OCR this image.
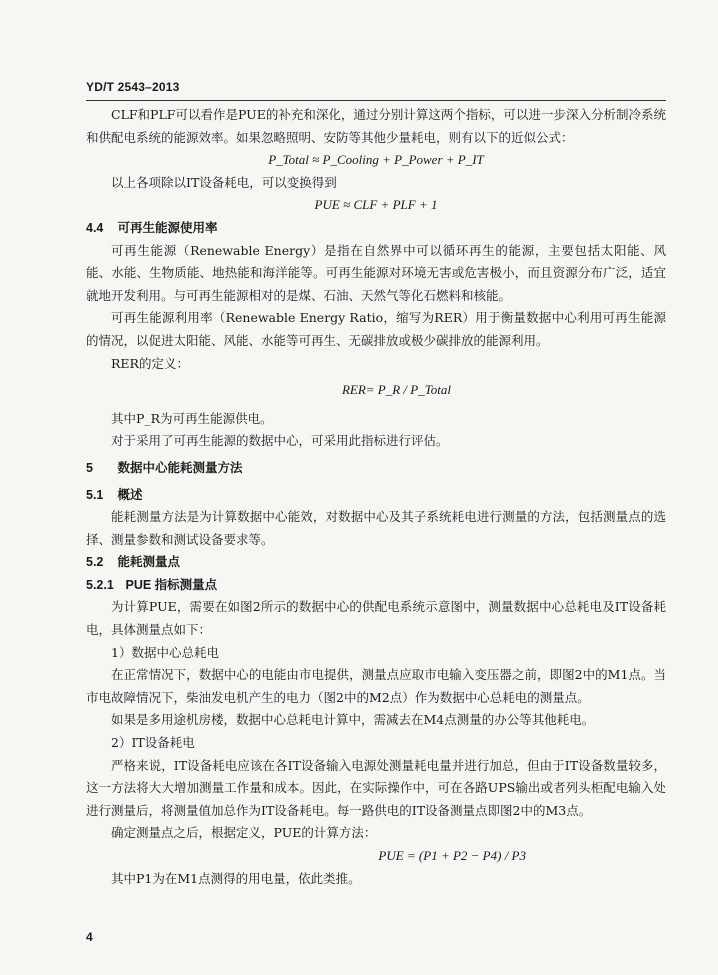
YD/T 2543–2013

CLF和PLF可以看作是PUE的补充和深化，通过分别计算这两个指标，可以进一步深入分析制冷系统和供配电系统的能源效率。如果忽略照明、安防等其他少量耗电，则有以下的近似公式：

P_Total ≈ P_Cooling + P_Power + P_IT

以上各项除以IT设备耗电，可以变换得到

PUE ≈ CLF + PLF + 1

4.4 可再生能源使用率

可再生能源（Renewable Energy）是指在自然界中可以循环再生的能源，主要包括太阳能、风能、水能、生物质能、地热能和海洋能等。可再生能源对环境无害或危害极小，而且资源分布广泛，适宜就地开发利用。与可再生能源相对的是煤、石油、天然气等化石燃料和核能。

可再生能源利用率（Renewable Energy Ratio，缩写为RER）用于衡量数据中心利用可再生能源的情况，以促进太阳能、风能、水能等可再生、无碳排放或极少碳排放的能源利用。

RER的定义：

RER= P_R / P_Total

其中P_R为可再生能源供电。

对于采用了可再生能源的数据中心，可采用此指标进行评估。

5 数据中心能耗测量方法

5.1 概述

能耗测量方法是为计算数据中心能效，对数据中心及其子系统耗电进行测量的方法，包括测量点的选择、测量参数和测试设备要求等。

5.2 能耗测量点

5.2.1 PUE 指标测量点

为计算PUE，需要在如图2所示的数据中心的供配电系统示意图中，测量数据中心总耗电及IT设备耗电，具体测量点如下：

1）数据中心总耗电

在正常情况下，数据中心的电能由市电提供，测量点应取市电输入变压器之前，即图2中的M1点。当市电故障情况下，柴油发电机产生的电力（图2中的M2点）作为数据中心总耗电的测量点。

如果是多用途机房楼，数据中心总耗电计算中，需减去在M4点测量的办公等其他耗电。

2）IT设备耗电

严格来说，IT设备耗电应该在各IT设备输入电源处测量耗电量并进行加总，但由于IT设备数量较多，这一方法将大大增加测量工作量和成本。因此，在实际操作中，可在各路UPS输出或者列头柜配电输入处进行测量后，将测量值加总作为IT设备耗电。每一路供电的IT设备测量点即图2中的M3点。

确定测量点之后，根据定义，PUE的计算方法：

PUE = (P1 + P2 − P4) / P3

其中P1为在M1点测得的用电量，依此类推。

4
